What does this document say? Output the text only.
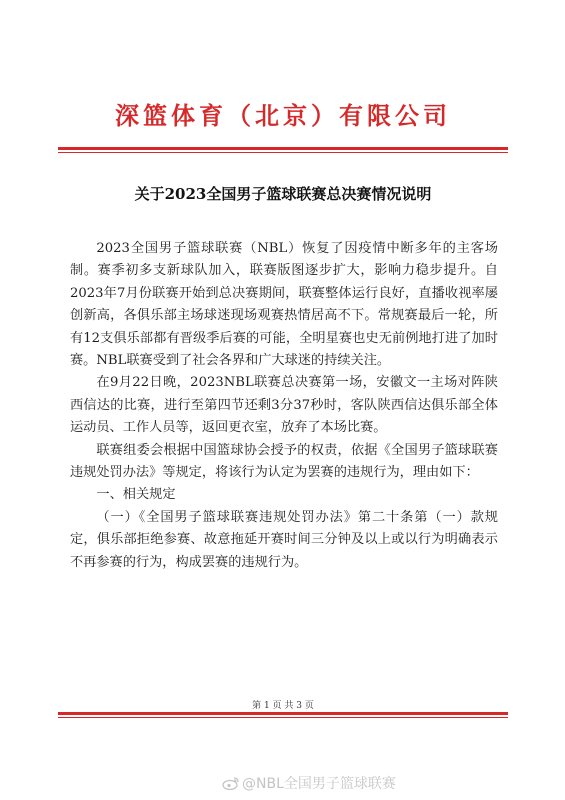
深篮体育（北京）有限公司
关于2023全国男子篮球联赛总决赛情况说明

2023全国男子篮球联赛（NBL）恢复了因疫情中断多年的主客场制。赛季初多支新球队加入，联赛版图逐步扩大，影响力稳步提升。自2023年7月份联赛开始到总决赛期间，联赛整体运行良好，直播收视率屡创新高，各俱乐部主场球迷现场观赛热情居高不下。常规赛最后一轮，所有12支俱乐部都有晋级季后赛的可能，全明星赛也史无前例地打进了加时赛。NBL联赛受到了社会各界和广大球迷的持续关注。

在9月22日晚，2023NBL联赛总决赛第一场，安徽文一主场对阵陕西信达的比赛，进行至第四节还剩3分37秒时，客队陕西信达俱乐部全体运动员、工作人员等，返回更衣室，放弃了本场比赛。

联赛组委会根据中国篮球协会授予的权责，依据《全国男子篮球联赛违规处罚办法》等规定，将该行为认定为罢赛的违规行为，理由如下：

一、相关规定

（一）《全国男子篮球联赛违规处罚办法》第二十条第（一）款规定，俱乐部拒绝参赛、故意拖延开赛时间三分钟及以上或以行为明确表示不再参赛的行为，构成罢赛的违规行为。

第 1 页 共 3 页
@NBL全国男子篮球联赛
